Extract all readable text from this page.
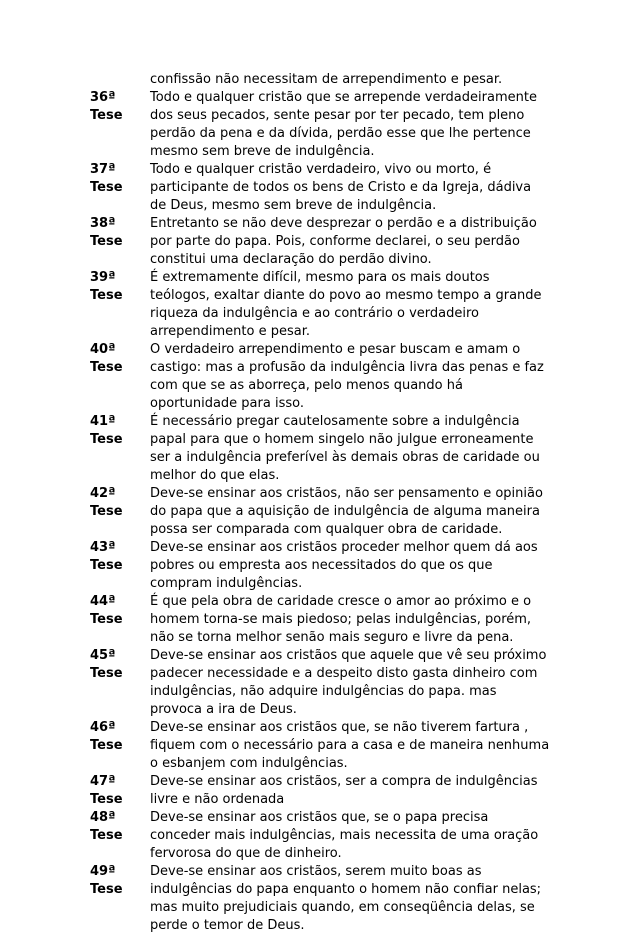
confissão não necessitam de arrependimento e pesar.
36ª
Tese
Todo e qualquer cristão que se arrepende verdadeiramente
dos seus pecados, sente pesar por ter pecado, tem pleno
perdão da pena e da dívida, perdão esse que lhe pertence
mesmo sem breve de indulgência.
37ª
Tese
Todo e qualquer cristão verdadeiro, vivo ou morto, é
participante de todos os bens de Cristo e da Igreja, dádiva
de Deus, mesmo sem breve de indulgência.
38ª
Tese
Entretanto se não deve desprezar o perdão e a distribuição
por parte do papa. Pois, conforme declarei, o seu perdão
constitui uma declaração do perdão divino.
39ª
Tese
É extremamente difícil, mesmo para os mais doutos
teólogos, exaltar diante do povo ao mesmo tempo a grande
riqueza da indulgência e ao contrário o verdadeiro
arrependimento e pesar.
40ª
Tese
O verdadeiro arrependimento e pesar buscam e amam o
castigo: mas a profusão da indulgência livra das penas e faz
com que se as aborreça, pelo menos quando há
oportunidade para isso.
41ª
Tese
É necessário pregar cautelosamente sobre a indulgência
papal para que o homem singelo não julgue erroneamente
ser a indulgência preferível às demais obras de caridade ou
melhor do que elas.
42ª
Tese
Deve-se ensinar aos cristãos, não ser pensamento e opinião
do papa que a aquisição de indulgência de alguma maneira
possa ser comparada com qualquer obra de caridade.
43ª
Tese
Deve-se ensinar aos cristãos proceder melhor quem dá aos
pobres ou empresta aos necessitados do que os que
compram indulgências.
44ª
Tese
É que pela obra de caridade cresce o amor ao próximo e o
homem torna-se mais piedoso; pelas indulgências, porém,
não se torna melhor senão mais seguro e livre da pena.
45ª
Tese
Deve-se ensinar aos cristãos que aquele que vê seu próximo
padecer necessidade e a despeito disto gasta dinheiro com
indulgências, não adquire indulgências do papa. mas
provoca a ira de Deus.
46ª
Tese
Deve-se ensinar aos cristãos que, se não tiverem fartura ,
fiquem com o necessário para a casa e de maneira nenhuma
o esbanjem com indulgências.
47ª
Tese
Deve-se ensinar aos cristãos, ser a compra de indulgências
livre e não ordenada
48ª
Tese
Deve-se ensinar aos cristãos que, se o papa precisa
conceder mais indulgências, mais necessita de uma oração
fervorosa do que de dinheiro.
49ª
Tese
Deve-se ensinar aos cristãos, serem muito boas as
indulgências do papa enquanto o homem não confiar nelas;
mas muito prejudiciais quando, em conseqüência delas, se
perde o temor de Deus.
